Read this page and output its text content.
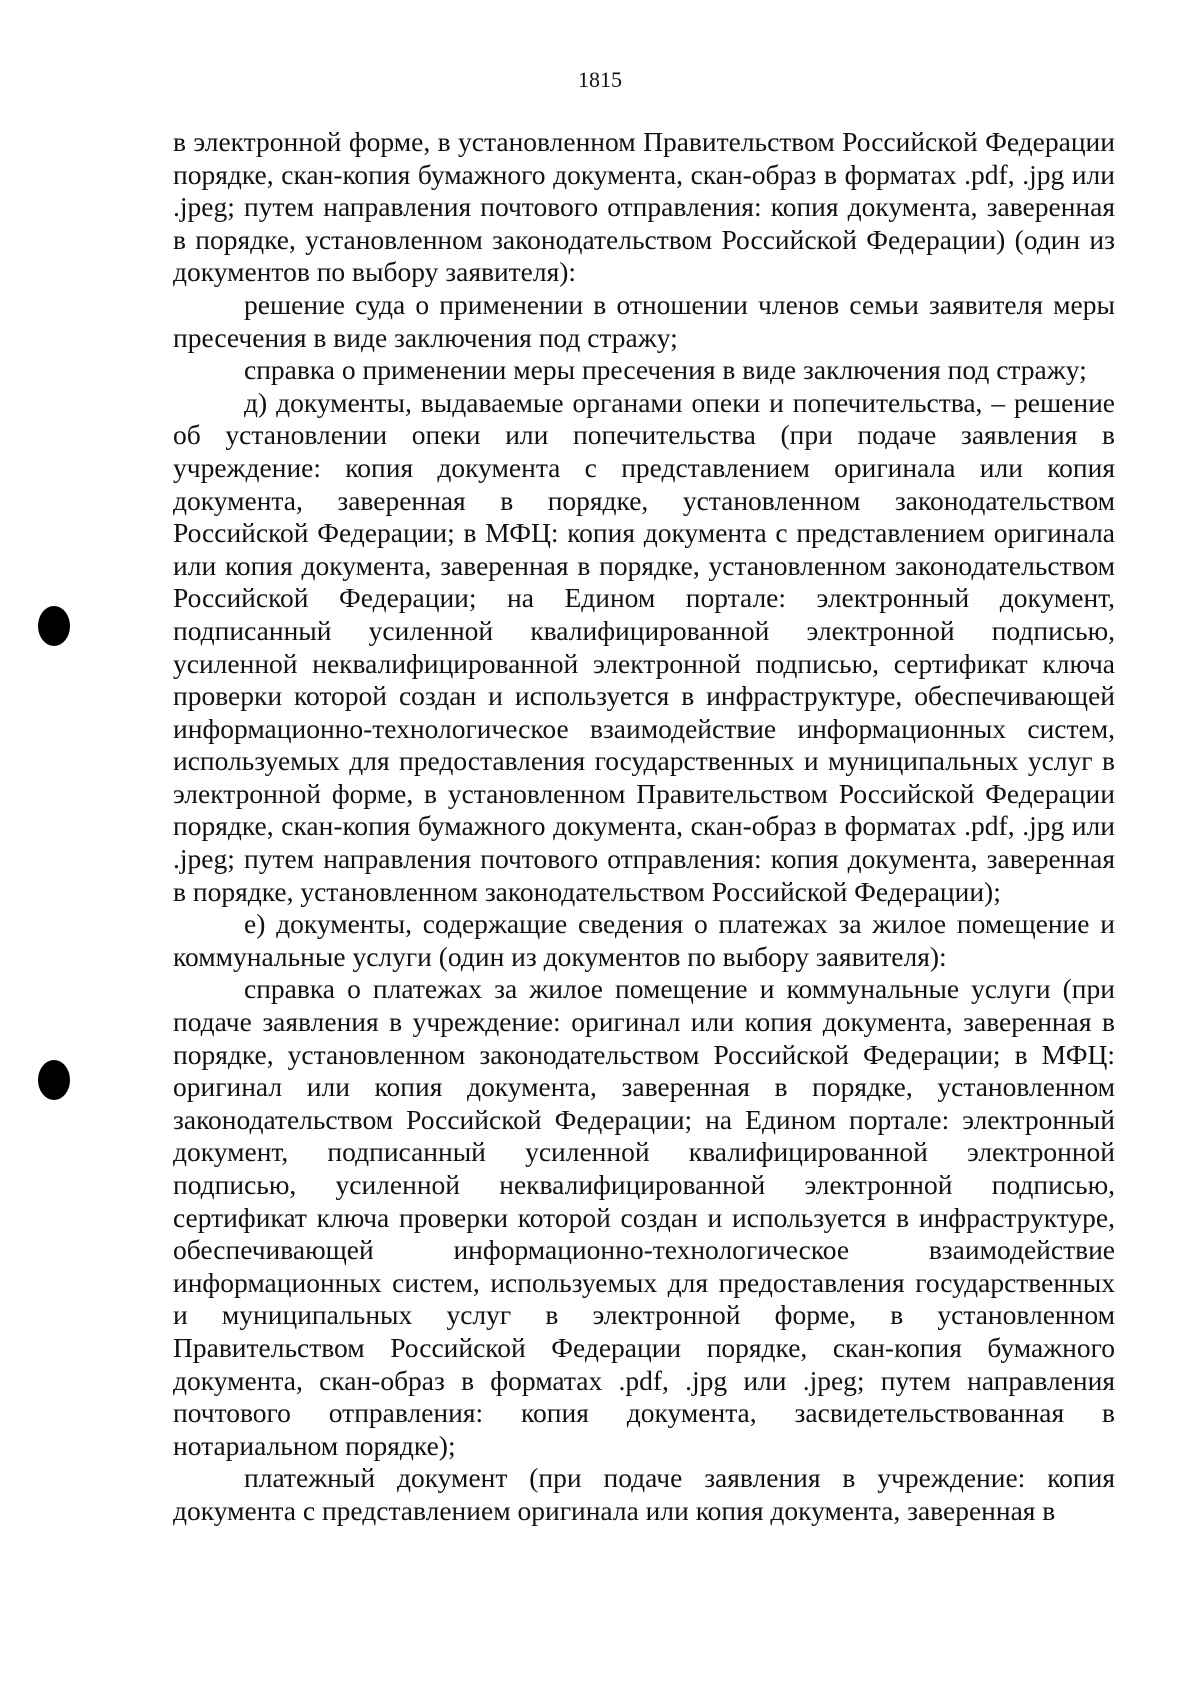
1815

в электронной форме, в установленном Правительством Российской Федерации порядке, скан-копия бумажного документа, скан-образ в форматах .pdf, .jpg или .jpeg; путем направления почтового отправления: копия документа, заверенная в порядке, установленном законодательством Российской Федерации) (один из документов по выбору заявителя):

решение суда о применении в отношении членов семьи заявителя меры пресечения в виде заключения под стражу;

справка о применении меры пресечения в виде заключения под стражу;

д) документы, выдаваемые органами опеки и попечительства, – решение об установлении опеки или попечительства (при подаче заявления в учреждение: копия документа с представлением оригинала или копия документа, заверенная в порядке, установленном законодательством Российской Федерации; в МФЦ: копия документа с представлением оригинала или копия документа, заверенная в порядке, установленном законодательством Российской Федерации; на Едином портале: электронный документ, подписанный усиленной квалифицированной электронной подписью, усиленной неквалифицированной электронной подписью, сертификат ключа проверки которой создан и используется в инфраструктуре, обеспечивающей информационно-технологическое взаимодействие информационных систем, используемых для предоставления государственных и муниципальных услуг в электронной форме, в установленном Правительством Российской Федерации порядке, скан-копия бумажного документа, скан-образ в форматах .pdf, .jpg или .jpeg; путем направления почтового отправления: копия документа, заверенная в порядке, установленном законодательством Российской Федерации);

е) документы, содержащие сведения о платежах за жилое помещение и коммунальные услуги (один из документов по выбору заявителя):

справка о платежах за жилое помещение и коммунальные услуги (при подаче заявления в учреждение: оригинал или копия документа, заверенная в порядке, установленном законодательством Российской Федерации; в МФЦ: оригинал или копия документа, заверенная в порядке, установленном законодательством Российской Федерации; на Едином портале: электронный документ, подписанный усиленной квалифицированной электронной подписью, усиленной неквалифицированной электронной подписью, сертификат ключа проверки которой создан и используется в инфраструктуре, обеспечивающей информационно-технологическое взаимодействие информационных систем, используемых для предоставления государственных и муниципальных услуг в электронной форме, в установленном Правительством Российской Федерации порядке, скан-копия бумажного документа, скан-образ в форматах .pdf, .jpg или .jpeg; путем направления почтового отправления: копия документа, засвидетельствованная в нотариальном порядке);

платежный документ (при подаче заявления в учреждение: копия документа с представлением оригинала или копия документа, заверенная в
